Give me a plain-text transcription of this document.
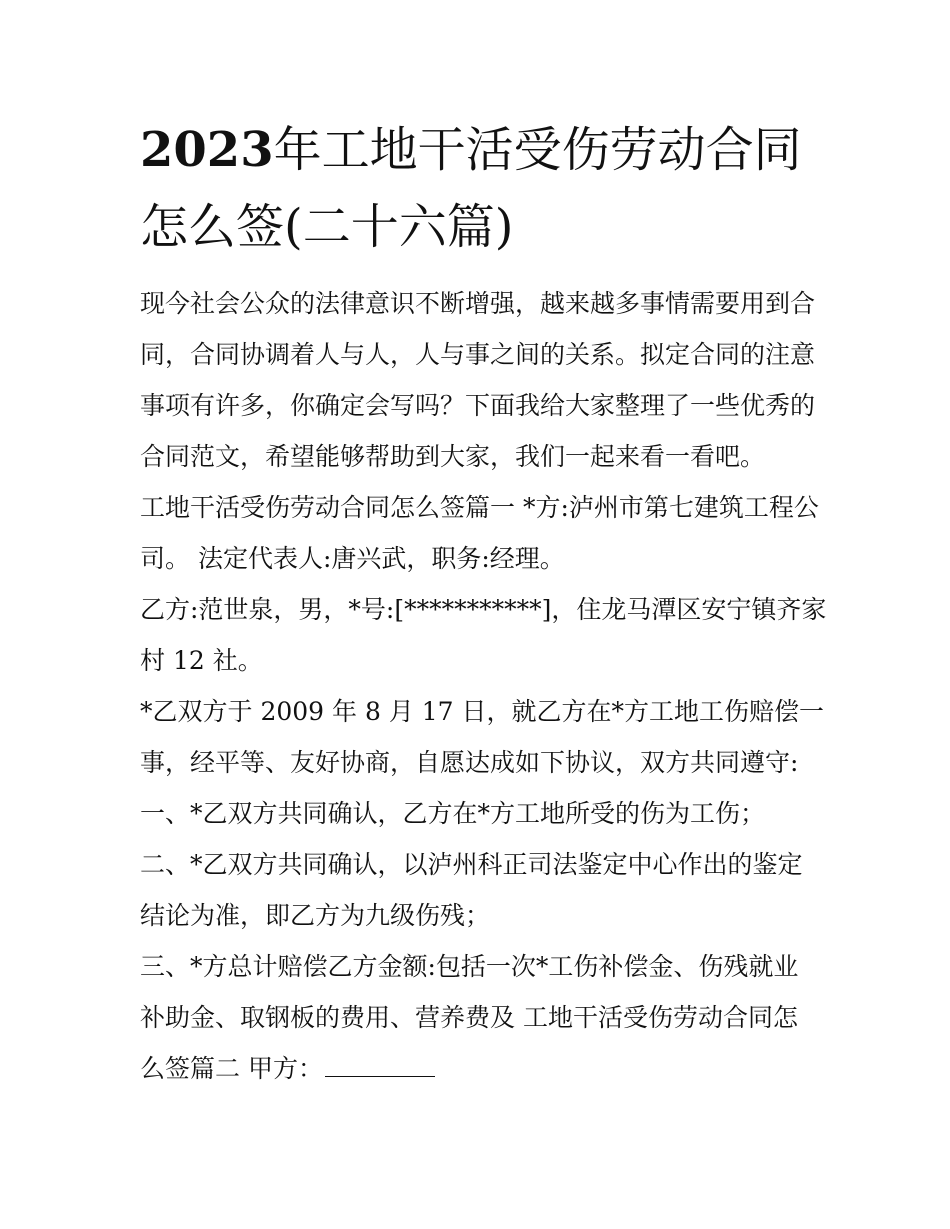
2023年工地干活受伤劳动合同
怎么签(二十六篇)

现今社会公众的法律意识不断增强，越来越多事情需要用到合
同，合同协调着人与人，人与事之间的关系。拟定合同的注意
事项有许多，你确定会写吗？下面我给大家整理了一些优秀的
合同范文，希望能够帮助到大家，我们一起来看一看吧。

工地干活受伤劳动合同怎么签篇一 *方:泸州市第七建筑工程公
司。 法定代表人:唐兴武，职务:经理。

乙方:范世泉，男，*号:[***********]，住龙马潭区安宁镇齐家
村 12 社。

*乙双方于 2009 年 8 月 17 日，就乙方在*方工地工伤赔偿一
事，经平等、友好协商，自愿达成如下协议，双方共同遵守:

一、*乙双方共同确认，乙方在*方工地所受的伤为工伤；

二、*乙双方共同确认，以泸州科正司法鉴定中心作出的鉴定
结论为准，即乙方为九级伤残；

三、*方总计赔偿乙方金额:包括一次*工伤补偿金、伤残就业
补助金、取钢板的费用、营养费及 工地干活受伤劳动合同怎
么签篇二 甲方：
